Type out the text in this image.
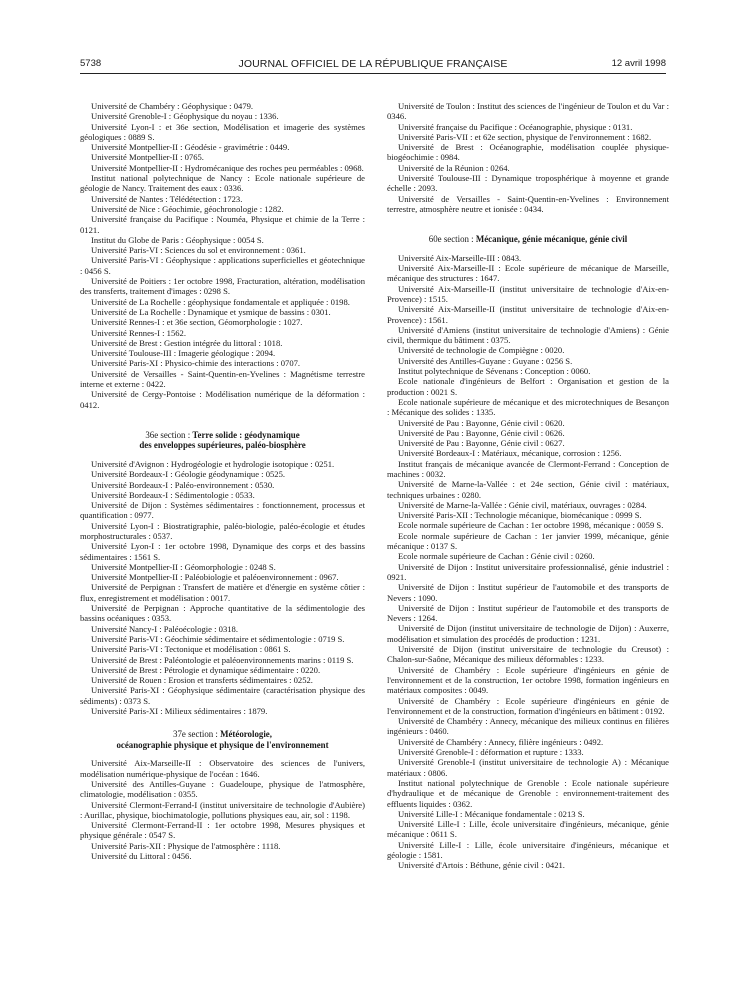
5738	JOURNAL OFFICIEL DE LA RÉPUBLIQUE FRANÇAISE	12 avril 1998

Université de Chambéry : Géophysique : 0479.

Université Grenoble-I : Géophysique du noyau : 1336.

Université Lyon-I : et 36e section, Modélisation et imagerie des systèmes géologiques : 0889 S.

Université Montpellier-II : Géodésie - gravimétrie : 0449.

Université Montpellier-II : 0765.

Université Montpellier-II : Hydromécanique des roches peu perméables : 0968.

Institut national polytechnique de Nancy : Ecole nationale supérieure de géologie de Nancy. Traitement des eaux : 0336.

Université de Nantes : Télédétection : 1723.

Université de Nice : Géochimie, géochronologie : 1282.

Université française du Pacifique : Nouméa, Physique et chimie de la Terre : 0121.

Institut du Globe de Paris : Géophysique : 0054 S.

Université Paris-VI : Sciences du sol et environnement : 0361.

Université Paris-VI : Géophysique : applications superficielles et géotechnique : 0456 S.

Université de Poitiers : 1er octobre 1998, Fracturation, altération, modélisation des transferts, traitement d'images : 0298 S.

Université de La Rochelle : géophysique fondamentale et appliquée : 0198.

Université de La Rochelle : Dynamique et ysmique de bassins : 0301.

Université Rennes-I : et 36e section, Géomorphologie : 1027.

Université Rennes-I : 1562.

Université de Brest : Gestion intégrée du littoral : 1018.

Université Toulouse-III : Imagerie géologique : 2094.

Université Paris-XI : Physico-chimie des interactions : 0707.

Université de Versailles - Saint-Quentin-en-Yvelines : Magnétisme terrestre interne et externe : 0422.

Université de Cergy-Pontoise : Modélisation numérique de la déformation : 0412.

36e section : Terre solide : géodynamique
des enveloppes supérieures, paléo-biosphère

Université d'Avignon : Hydrogéologie et hydrologie isotopique : 0251.

Université Bordeaux-I : Géologie géodynamique : 0525.

Université Bordeaux-I : Paléo-environnement : 0530.

Université Bordeaux-I : Sédimentologie : 0533.

Université de Dijon : Systèmes sédimentaires : fonctionnement, processus et quantification : 0977.

Université Lyon-I : Biostratigraphie, paléo-biologie, paléo-écologie et études morphostructurales : 0537.

Université Lyon-I : 1er octobre 1998, Dynamique des corps et des bassins sédimentaires : 1561 S.

Université Montpellier-II : Géomorphologie : 0248 S.

Université Montpellier-II : Paléobiologie et paléoenvironnement : 0967.

Université de Perpignan : Transfert de matière et d'énergie en système côtier : flux, enregistrement et modélisation : 0017.

Université de Perpignan : Approche quantitative de la sédimentologie des bassins océaniques : 0353.

Université Nancy-I : Paléoécologie : 0318.

Université Paris-VI : Géochimie sédimentaire et sédimentologie : 0719 S.

Université Paris-VI : Tectonique et modélisation : 0861 S.

Université de Brest : Paléontologie et paléoenvironnements marins : 0119 S.

Université de Brest : Pétrologie et dynamique sédimentaire : 0220.

Université de Rouen : Erosion et transferts sédimentaires : 0252.

Université Paris-XI : Géophysique sédimentaire (caractérisation physique des sédiments) : 0373 S.

Université Paris-XI : Milieux sédimentaires : 1879.

37e section : Météorologie,
océanographie physique et physique de l'environnement

Université Aix-Marseille-II : Observatoire des sciences de l'univers, modélisation numérique-physique de l'océan : 1646.

Université des Antilles-Guyane : Guadeloupe, physique de l'atmosphère, climatologie, modélisation : 0355.

Université Clermont-Ferrand-I (institut universitaire de technologie d'Aubière) : Aurillac, physique, biochimatologie, pollutions physiques eau, air, sol : 1198.

Université Clermont-Ferrand-II : 1er octobre 1998, Mesures physiques et physique générale : 0547 S.

Université Paris-XII : Physique de l'atmosphère : 1118.

Université du Littoral : 0456.

Université de Toulon : Institut des sciences de l'ingénieur de Toulon et du Var : 0346.

Université française du Pacifique : Océanographie, physique : 0131.

Université Paris-VII : et 62e section, physique de l'environnement : 1682.

Université de Brest : Océanographie, modélisation couplée physique-biogéochimie : 0984.

Université de la Réunion : 0264.

Université Toulouse-III : Dynamique troposphérique à moyenne et grande échelle : 2093.

Université de Versailles - Saint-Quentin-en-Yvelines : Environnement terrestre, atmosphère neutre et ionisée : 0434.

60e section : Mécanique, génie mécanique, génie civil

Université Aix-Marseille-III : 0843.

Université Aix-Marseille-II : Ecole supérieure de mécanique de Marseille, mécanique des structures : 1647.

Université Aix-Marseille-II (institut universitaire de technologie d'Aix-en-Provence) : 1515.

Université Aix-Marseille-II (institut universitaire de technologie d'Aix-en-Provence) : 1561.

Université d'Amiens (institut universitaire de technologie d'Amiens) : Génie civil, thermique du bâtiment : 0375.

Université de technologie de Compiègne : 0020.

Université des Antilles-Guyane : Guyane : 0256 S.

Institut polytechnique de Sévenans : Conception : 0060.

Ecole nationale d'ingénieurs de Belfort : Organisation et gestion de la production : 0021 S.

Ecole nationale supérieure de mécanique et des microtechniques de Besançon : Mécanique des solides : 1335.

Université de Pau : Bayonne, Génie civil : 0620.

Université de Pau : Bayonne, Génie civil : 0626.

Université de Pau : Bayonne, Génie civil : 0627.

Université Bordeaux-I : Matériaux, mécanique, corrosion : 1256.

Institut français de mécanique avancée de Clermont-Ferrand : Conception de machines : 0032.

Université de Marne-la-Vallée : et 24e section, Génie civil : matériaux, techniques urbaines : 0280.

Université de Marne-la-Vallée : Génie civil, matériaux, ouvrages : 0284.

Université Paris-XII : Technologie mécanique, biomécanique : 0999 S.

Ecole normale supérieure de Cachan : 1er octobre 1998, mécanique : 0059 S.

Ecole normale supérieure de Cachan : 1er janvier 1999, mécanique, génie mécanique : 0137 S.

Ecole normale supérieure de Cachan : Génie civil : 0260.

Université de Dijon : Institut universitaire professionnalisé, génie industriel : 0921.

Université de Dijon : Institut supérieur de l'automobile et des transports de Nevers : 1090.

Université de Dijon : Institut supérieur de l'automobile et des transports de Nevers : 1264.

Université de Dijon (institut universitaire de technologie de Dijon) : Auxerre, modélisation et simulation des procédés de production : 1231.

Université de Dijon (institut universitaire de technologie du Creusot) : Chalon-sur-Saône, Mécanique des milieux déformables : 1233.

Université de Chambéry : Ecole supérieure d'ingénieurs en génie de l'environnement et de la construction, 1er octobre 1998, formation ingénieurs en matériaux composites : 0049.

Université de Chambéry : Ecole supérieure d'ingénieurs en génie de l'environnement et de la construction, formation d'ingénieurs en bâtiment : 0192.

Université de Chambéry : Annecy, mécanique des milieux continus en filières ingénieurs : 0460.

Université de Chambéry : Annecy, filière ingénieurs : 0492.

Université Grenoble-I : déformation et rupture : 1333.

Université Grenoble-I (institut universitaire de technologie A) : Mécanique matériaux : 0806.

Institut national polytechnique de Grenoble : Ecole nationale supérieure d'hydraulique et de mécanique de Grenoble : environnement-traitement des effluents liquides : 0362.

Université Lille-I : Mécanique fondamentale : 0213 S.

Université Lille-I : Lille, école universitaire d'ingénieurs, mécanique, génie mécanique : 0611 S.

Université Lille-I : Lille, école universitaire d'ingénieurs, mécanique et géologie : 1581.

Université d'Artois : Béthune, génie civil : 0421.
